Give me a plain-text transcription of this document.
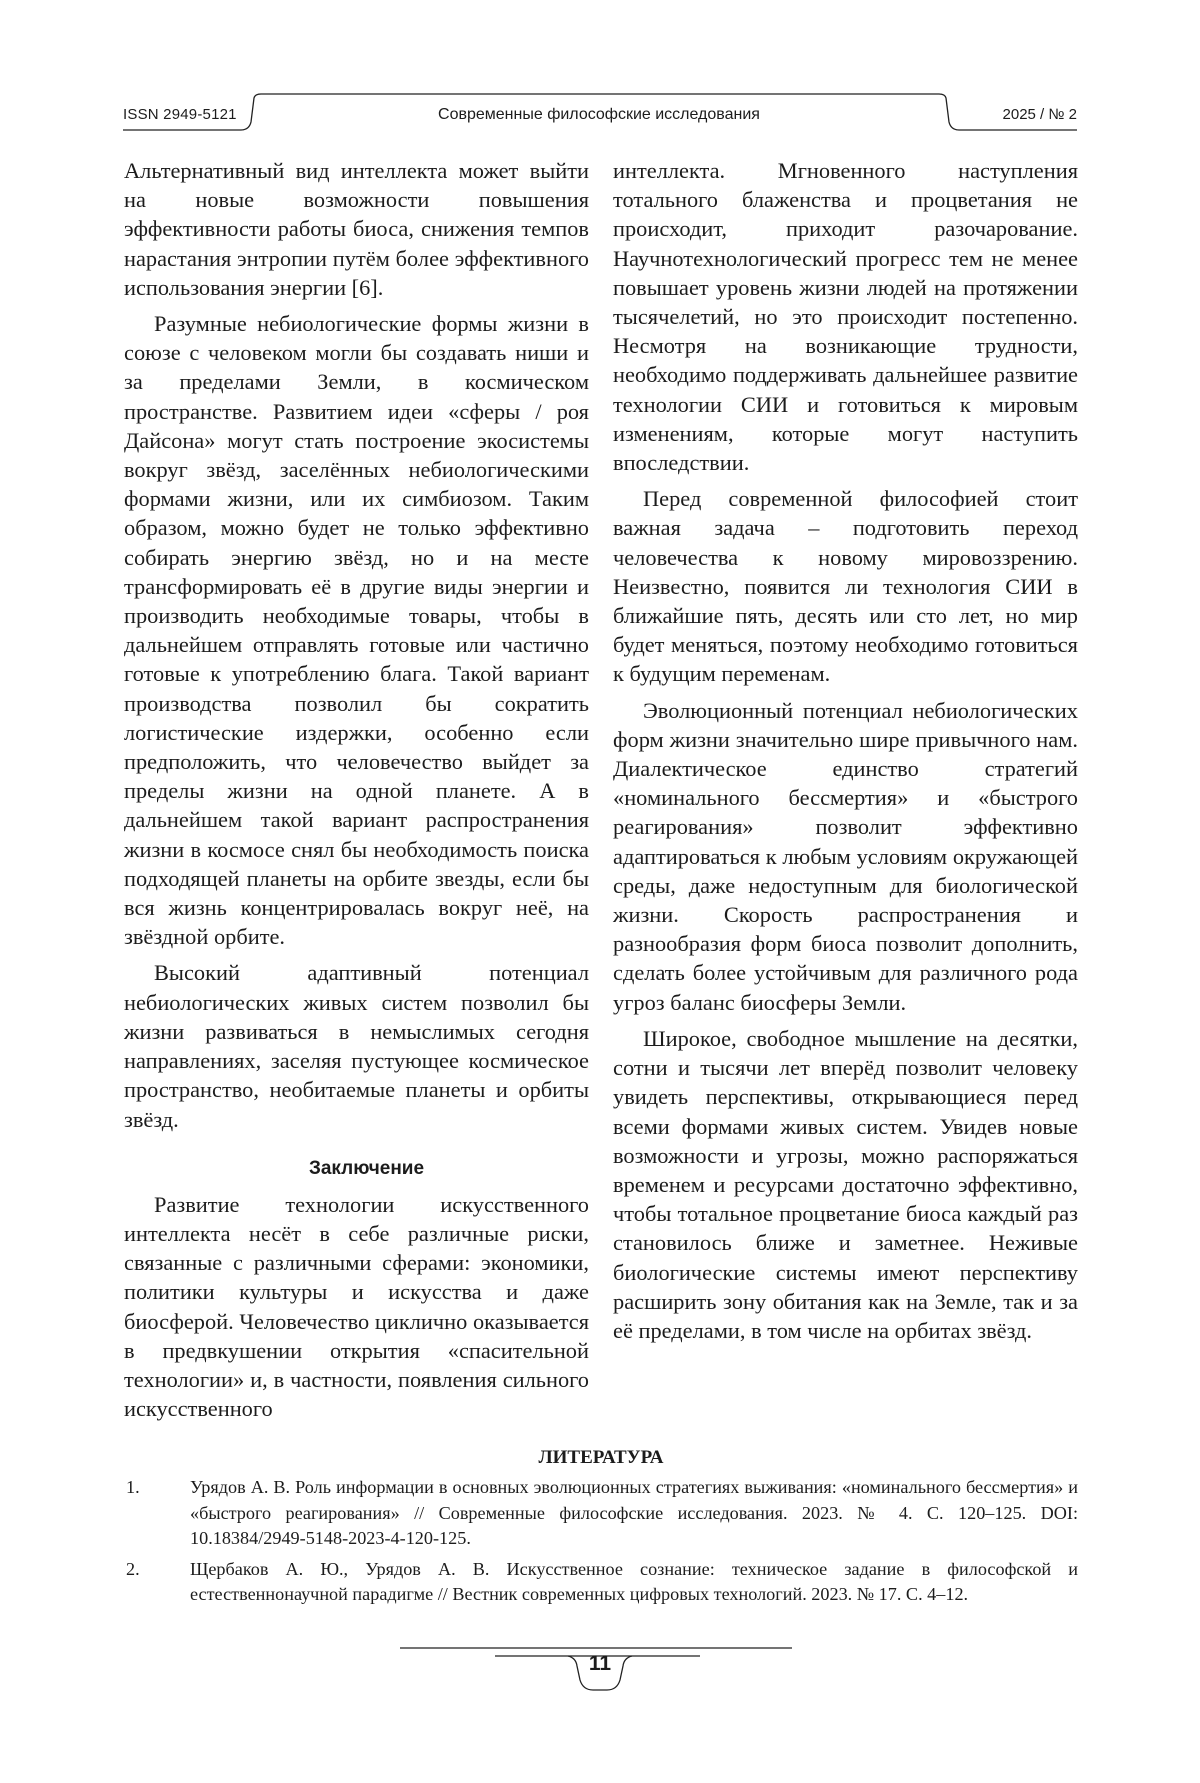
ISSN 2949-5121	Современные философские исследования	2025 / № 2

Альтернативный вид интеллекта может выйти на новые возможности повышения эффективности работы биоса, снижения темпов нарастания энтропии путём более эффективного использования энергии [6].

Разумные небиологические формы жизни в союзе с человеком могли бы создавать ниши и за пределами Земли, в космическом пространстве. Развитием идеи «сферы / роя Дайсона» могут стать построение экосистемы вокруг звёзд, заселённых небиологическими формами жизни, или их симбиозом. Таким образом, можно будет не только эффективно собирать энергию звёзд, но и на месте трансформировать её в другие виды энергии и производить необходимые товары, чтобы в дальнейшем отправлять готовые или частично готовые к употреблению блага. Такой вариант производства позволил бы сократить логистические издержки, особенно если предположить, что человечество выйдет за пределы жизни на одной планете. А в дальнейшем такой вариант распространения жизни в космосе снял бы необходимость поиска подходящей планеты на орбите звезды, если бы вся жизнь концентрировалась вокруг неё, на звёздной орбите.

Высокий адаптивный потенциал небиологических живых систем позволил бы жизни развиваться в немыслимых сегодня направлениях, заселяя пустующее космическое пространство, необитаемые планеты и орбиты звёзд.

Заключение

Развитие технологии искусственного интеллекта несёт в себе различные риски, связанные с различными сферами: экономики, политики культуры и искусства и даже биосферой. Человечество циклично оказывается в предвкушении открытия «спасительной технологии» и, в частности, появления сильного искусственного

интеллекта. Мгновенного наступления тотального блаженства и процветания не происходит, приходит разочарование. Научнотехнологический прогресс тем не менее повышает уровень жизни людей на протяжении тысячелетий, но это происходит постепенно. Несмотря на возникающие трудности, необходимо поддерживать дальнейшее развитие технологии СИИ и готовиться к мировым изменениям, которые могут наступить впоследствии.

Перед современной философией стоит важная задача – подготовить переход человечества к новому мировоззрению. Неизвестно, появится ли технология СИИ в ближайшие пять, десять или сто лет, но мир будет меняться, поэтому необходимо готовиться к будущим переменам.

Эволюционный потенциал небиологических форм жизни значительно шире привычного нам. Диалектическое единство стратегий «номинального бессмертия» и «быстрого реагирования» позволит эффективно адаптироваться к любым условиям окружающей среды, даже недоступным для биологической жизни. Скорость распространения и разнообразия форм биоса позволит дополнить, сделать более устойчивым для различного рода угроз баланс биосферы Земли.

Широкое, свободное мышление на десятки, сотни и тысячи лет вперёд позволит человеку увидеть перспективы, открывающиеся перед всеми формами живых систем. Увидев новые возможности и угрозы, можно распоряжаться временем и ресурсами достаточно эффективно, чтобы тотальное процветание биоса каждый раз становилось ближе и заметнее. Неживые биологические системы имеют перспективу расширить зону обитания как на Земле, так и за её пределами, в том числе на орбитах звёзд.

ЛИТЕРАТУРА
1.	Урядов А. В. Роль информации в основных эволюционных стратегиях выживания: «номинального бессмертия» и «быстрого реагирования» // Современные философские исследования. 2023. № 4. С. 120–125. DOI: 10.18384/2949-5148-2023-4-120-125.
2.	Щербаков А. Ю., Урядов А. В. Искусственное сознание: техническое задание в философской и естественнонаучной парадигме // Вестник современных цифровых технологий. 2023. № 17. С. 4–12.
11
